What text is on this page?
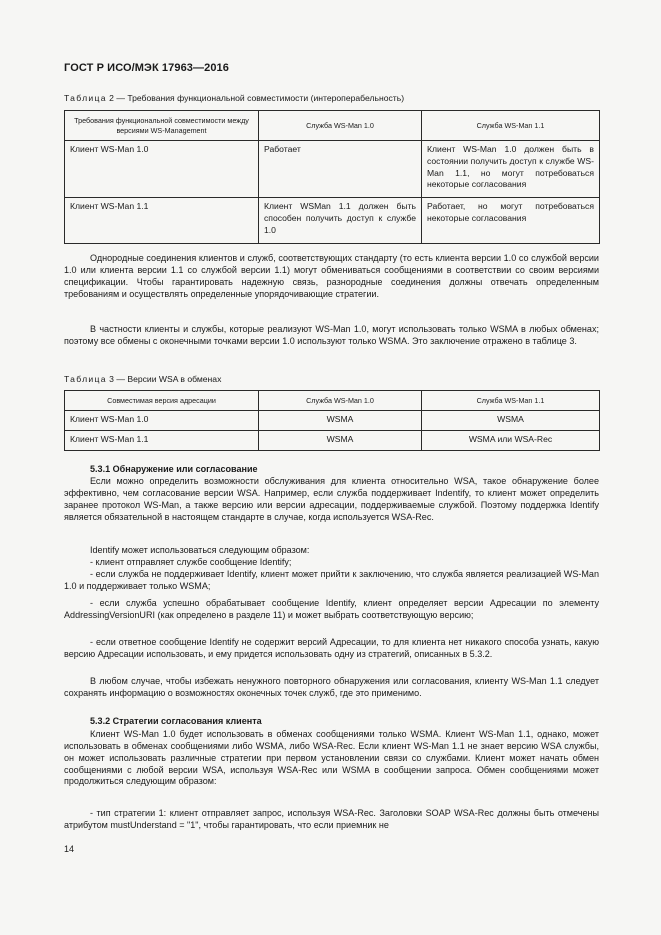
ГОСТ Р ИСО/МЭК 17963—2016
Таблица 2 — Требования функциональной совместимости (интероперабельность)
Требования функциональной совместимости между версиями WS-Management	Служба WS-Man 1.0	Служба WS-Man 1.1
Клиент WS-Man 1.0	Работает	Клиент WS-Man 1.0 должен быть в состоянии получить доступ к службе WS-Man 1.1, но могут потребоваться некоторые согласования
Клиент WS-Man 1.1	Клиент WSMan 1.1 должен быть способен получить доступ к службе 1.0	Работает, но могут потребоваться некоторые согласования
Однородные соединения клиентов и служб, соответствующих стандарту (то есть клиента версии 1.0 со службой версии 1.0 или клиента версии 1.1 со службой версии 1.1) могут обмениваться сообщениями в соответствии со своим версиями спецификации. Чтобы гарантировать надежную связь, разнородные соединения должны отвечать определенным требованиям и осуществлять определенные упорядочивающие стратегии.
В частности клиенты и службы, которые реализуют WS-Man 1.0, могут использовать только WSMA в любых обменах; поэтому все обмены с оконечными точками версии 1.0 используют только WSMA. Это заключение отражено в таблице 3.
Таблица 3 — Версии WSA в обменах
Совместимая версия адресации	Служба WS-Man 1.0	Служба WS-Man 1.1
Клиент WS-Man 1.0	WSMA	WSMA
Клиент WS-Man 1.1	WSMA	WSMA или WSA-Rec
5.3.1 Обнаружение или согласование
Если можно определить возможности обслуживания для клиента относительно WSA, такое обнаружение более эффективно, чем согласование версии WSA. Например, если служба поддерживает Indentify, то клиент может определить заранее протокол WS-Man, а также версию или версии адресации, поддерживаемые службой. Поэтому поддержка Identify является обязательной в настоящем стандарте в случае, когда используется WSA-Rec.
Identify может использоваться следующим образом:
- клиент отправляет службе сообщение Identify;
- если служба не поддерживает Identify, клиент может прийти к заключению, что служба является реализацией WS-Man 1.0 и поддерживает только WSMA;
- если служба успешно обрабатывает сообщение Identify, клиент определяет версии Адресации по элементу AddressingVersionURI (как определено в разделе 11) и может выбрать соответствующую версию;
- если ответное сообщение Identify не содержит версий Адресации, то для клиента нет никакого способа узнать, какую версию Адресации использовать, и ему придется использовать одну из стратегий, описанных в 5.3.2.
В любом случае, чтобы избежать ненужного повторного обнаружения или согласования, клиенту WS-Man 1.1 следует сохранять информацию о возможностях оконечных точек служб, где это применимо.
5.3.2 Стратегии согласования клиента
Клиент WS-Man 1.0 будет использовать в обменах сообщениями только WSMA. Клиент WS-Man 1.1, однако, может использовать в обменах сообщениями либо WSMA, либо WSA-Rec. Если клиент WS-Man 1.1 не знает версию WSA службы, он может использовать различные стратегии при первом установлении связи со службами. Клиент может начать обмен сообщениями с любой версии WSA, используя WSA-Rec или WSMA в сообщении запроса. Обмен сообщениями может продолжиться следующим образом:
- тип стратегии 1: клиент отправляет запрос, используя WSA-Rec. Заголовки SOAP WSA-Rec должны быть отмечены атрибутом mustUnderstand = "1", чтобы гарантировать, что если приемник не
14
